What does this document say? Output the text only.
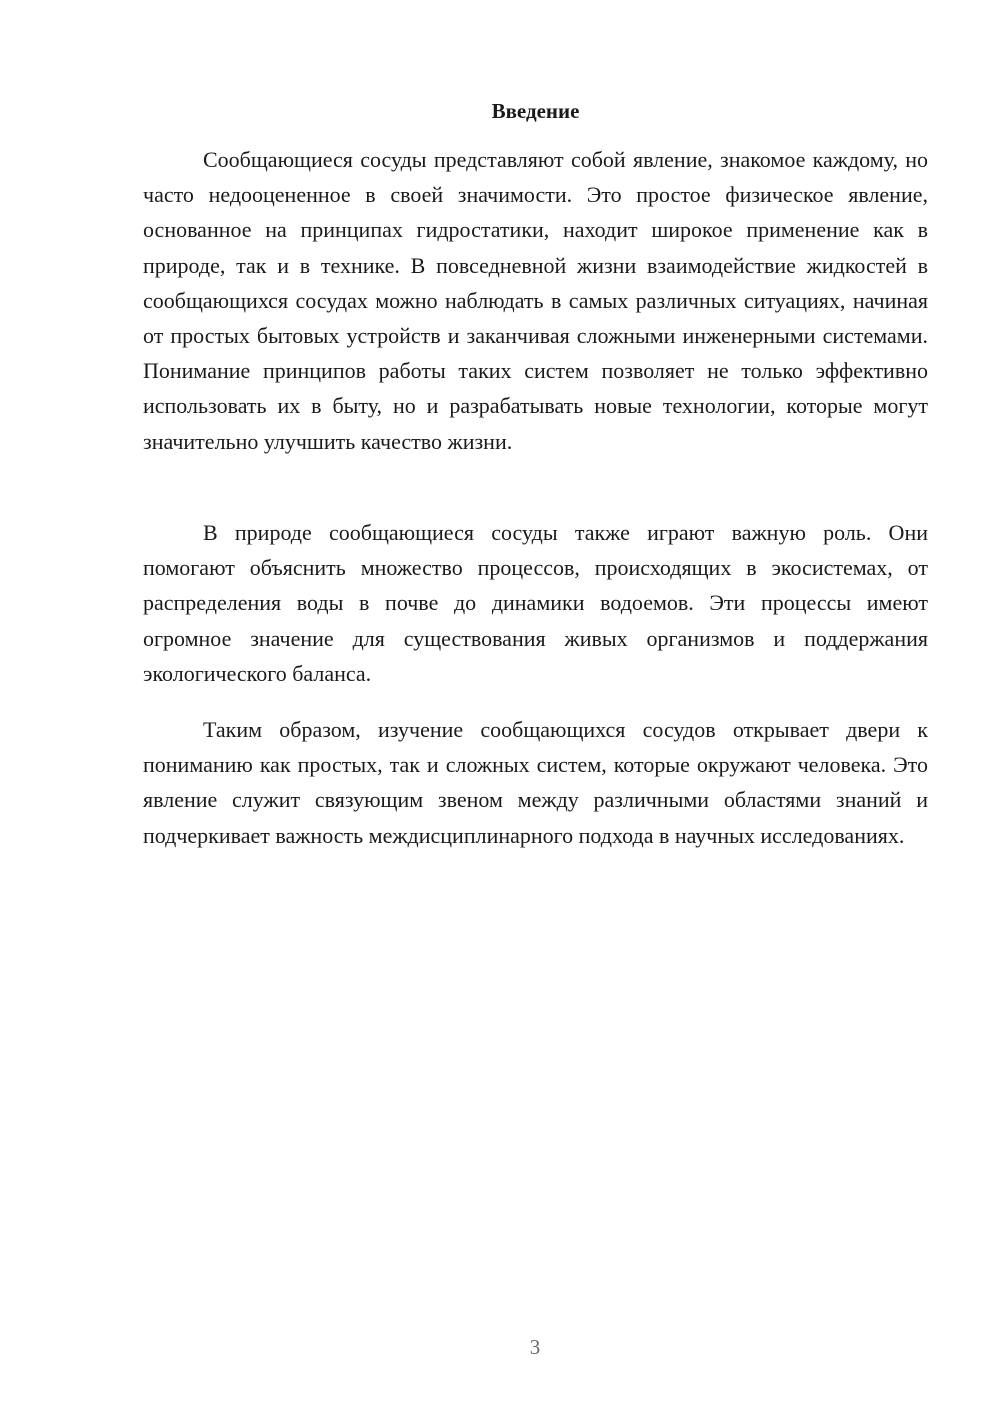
Введение

Сообщающиеся сосуды представляют собой явление, знакомое каждому, но часто недооцененное в своей значимости. Это простое физическое явление, основанное на принципах гидростатики, находит широкое применение как в природе, так и в технике. В повседневной жизни взаимодействие жидкостей в сообщающихся сосудах можно наблюдать в самых различных ситуациях, начиная от простых бытовых устройств и заканчивая сложными инженерными системами. Понимание принципов работы таких систем позволяет не только эффективно использовать их в быту, но и разрабатывать новые технологии, которые могут значительно улучшить качество жизни.

В природе сообщающиеся сосуды также играют важную роль. Они помогают объяснить множество процессов, происходящих в экосистемах, от распределения воды в почве до динамики водоемов. Эти процессы имеют огромное значение для существования живых организмов и поддержания экологического баланса.

Таким образом, изучение сообщающихся сосудов открывает двери к пониманию как простых, так и сложных систем, которые окружают человека. Это явление служит связующим звеном между различными областями знаний и подчеркивает важность междисциплинарного подхода в научных исследованиях.

3
